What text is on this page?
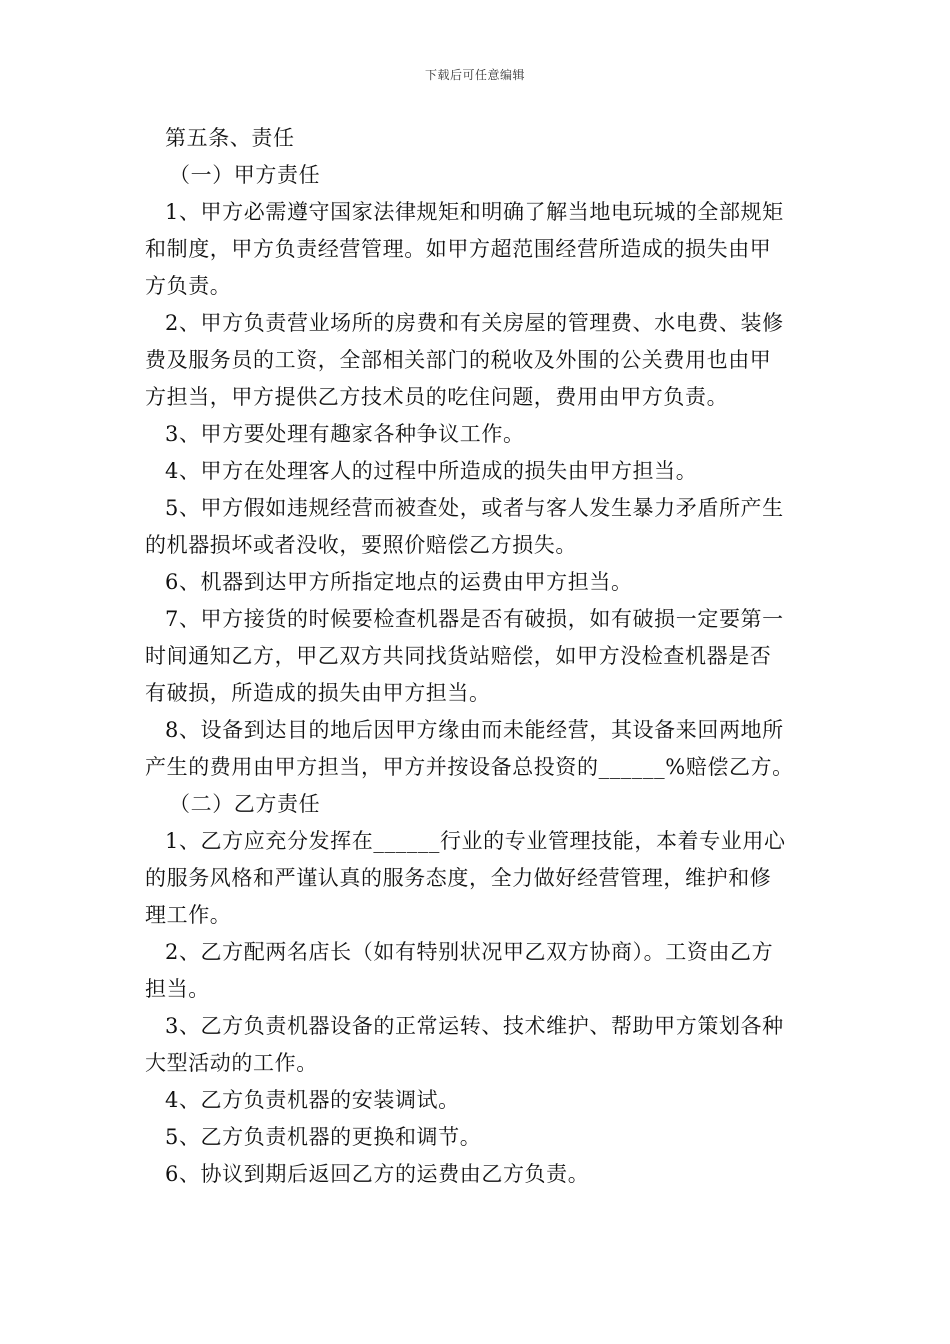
下载后可任意编辑
第五条、责任
（一）甲方责任
1、甲方必需遵守国家法律规矩和明确了解当地电玩城的全部规矩
和制度，甲方负责经营管理。如甲方超范围经营所造成的损失由甲
方负责。
2、甲方负责营业场所的房费和有关房屋的管理费、水电费、装修
费及服务员的工资，全部相关部门的税收及外围的公关费用也由甲
方担当，甲方提供乙方技术员的吃住问题，费用由甲方负责。
3、甲方要处理有趣家各种争议工作。
4、甲方在处理客人的过程中所造成的损失由甲方担当。
5、甲方假如违规经营而被查处，或者与客人发生暴力矛盾所产生
的机器损坏或者没收，要照价赔偿乙方损失。
6、机器到达甲方所指定地点的运费由甲方担当。
7、甲方接货的时候要检查机器是否有破损，如有破损一定要第一
时间通知乙方，甲乙双方共同找货站赔偿，如甲方没检查机器是否
有破损，所造成的损失由甲方担当。
8、设备到达目的地后因甲方缘由而未能经营，其设备来回两地所
产生的费用由甲方担当，甲方并按设备总投资的______%赔偿乙方。
（二）乙方责任
1、乙方应充分发挥在______行业的专业管理技能，本着专业用心
的服务风格和严谨认真的服务态度，全力做好经营管理，维护和修
理工作。
2、乙方配两名店长（如有特别状况甲乙双方协商）。工资由乙方
担当。
3、乙方负责机器设备的正常运转、技术维护、帮助甲方策划各种
大型活动的工作。
4、乙方负责机器的安装调试。
5、乙方负责机器的更换和调节。
6、协议到期后返回乙方的运费由乙方负责。
